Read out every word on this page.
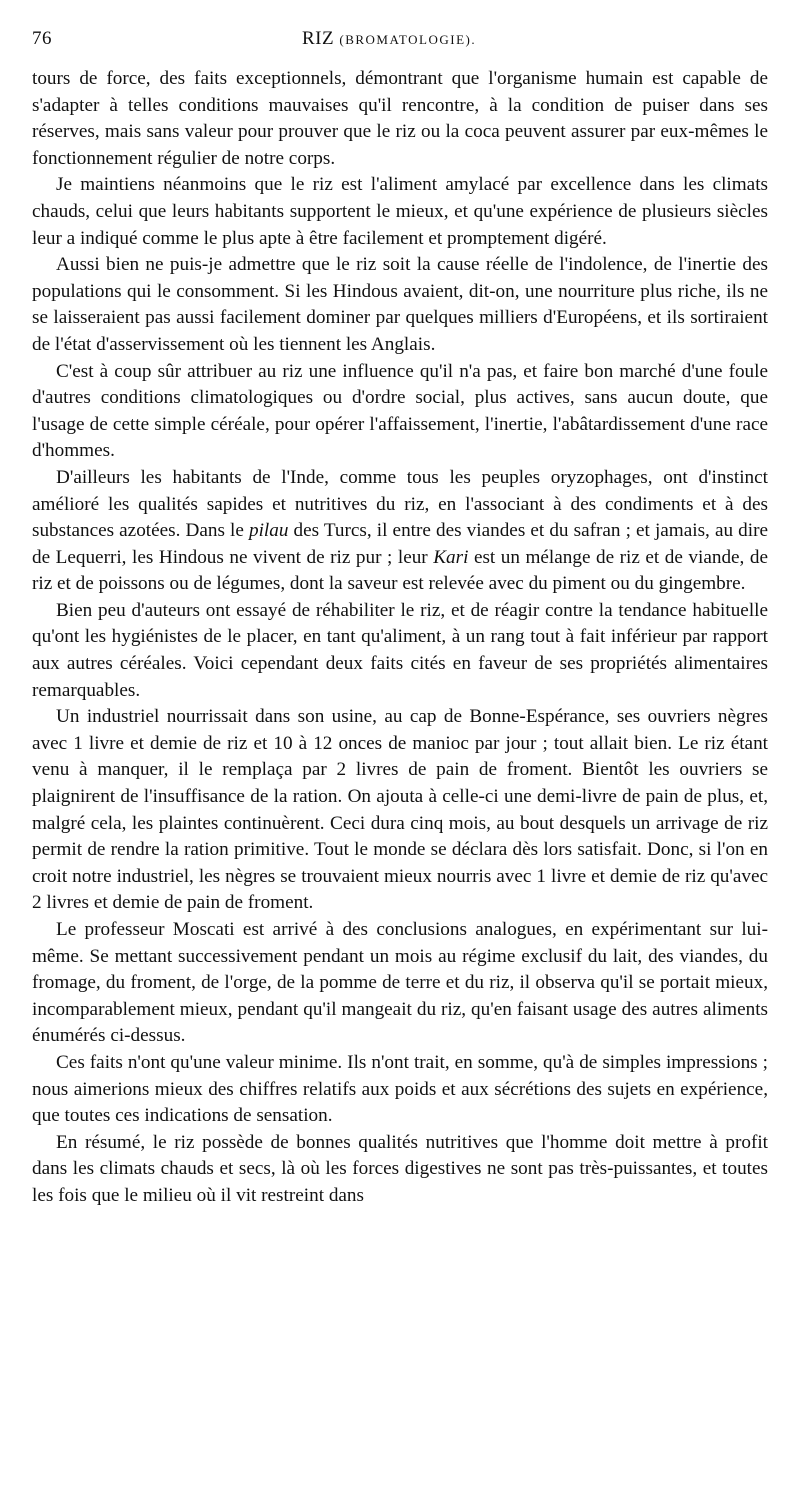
76	RIZ (BROMATOLOGIE).

tours de force, des faits exceptionnels, démontrant que l'organisme humain est capable de s'adapter à telles conditions mauvaises qu'il rencontre, à la condition de puiser dans ses réserves, mais sans valeur pour prouver que le riz ou la coca peuvent assurer par eux-mêmes le fonctionnement régulier de notre corps.

Je maintiens néanmoins que le riz est l'aliment amylacé par excellence dans les climats chauds, celui que leurs habitants supportent le mieux, et qu'une expérience de plusieurs siècles leur a indiqué comme le plus apte à être facilement et promptement digéré.

Aussi bien ne puis-je admettre que le riz soit la cause réelle de l'indolence, de l'inertie des populations qui le consomment. Si les Hindous avaient, dit-on, une nourriture plus riche, ils ne se laisseraient pas aussi facilement dominer par quelques milliers d'Européens, et ils sortiraient de l'état d'asservissement où les tiennent les Anglais.

C'est à coup sûr attribuer au riz une influence qu'il n'a pas, et faire bon marché d'une foule d'autres conditions climatologiques ou d'ordre social, plus actives, sans aucun doute, que l'usage de cette simple céréale, pour opérer l'affaissement, l'inertie, l'abâtardissement d'une race d'hommes.

D'ailleurs les habitants de l'Inde, comme tous les peuples oryzophages, ont d'instinct amélioré les qualités sapides et nutritives du riz, en l'associant à des condiments et à des substances azotées. Dans le pilau des Turcs, il entre des viandes et du safran ; et jamais, au dire de Lequerri, les Hindous ne vivent de riz pur ; leur Kari est un mélange de riz et de viande, de riz et de poissons ou de légumes, dont la saveur est relevée avec du piment ou du gingembre.

Bien peu d'auteurs ont essayé de réhabiliter le riz, et de réagir contre la tendance habituelle qu'ont les hygiénistes de le placer, en tant qu'aliment, à un rang tout à fait inférieur par rapport aux autres céréales. Voici cependant deux faits cités en faveur de ses propriétés alimentaires remarquables.

Un industriel nourrissait dans son usine, au cap de Bonne-Espérance, ses ouvriers nègres avec 1 livre et demie de riz et 10 à 12 onces de manioc par jour ; tout allait bien. Le riz étant venu à manquer, il le remplaça par 2 livres de pain de froment. Bientôt les ouvriers se plaignirent de l'insuffisance de la ration. On ajouta à celle-ci une demi-livre de pain de plus, et, malgré cela, les plaintes continuèrent. Ceci dura cinq mois, au bout desquels un arrivage de riz permit de rendre la ration primitive. Tout le monde se déclara dès lors satisfait. Donc, si l'on en croit notre industriel, les nègres se trouvaient mieux nourris avec 1 livre et demie de riz qu'avec 2 livres et demie de pain de froment.

Le professeur Moscati est arrivé à des conclusions analogues, en expérimentant sur lui-même. Se mettant successivement pendant un mois au régime exclusif du lait, des viandes, du fromage, du froment, de l'orge, de la pomme de terre et du riz, il observa qu'il se portait mieux, incomparablement mieux, pendant qu'il mangeait du riz, qu'en faisant usage des autres aliments énumérés ci-dessus.

Ces faits n'ont qu'une valeur minime. Ils n'ont trait, en somme, qu'à de simples impressions ; nous aimerions mieux des chiffres relatifs aux poids et aux sécrétions des sujets en expérience, que toutes ces indications de sensation.

En résumé, le riz possède de bonnes qualités nutritives que l'homme doit mettre à profit dans les climats chauds et secs, là où les forces digestives ne sont pas très-puissantes, et toutes les fois que le milieu où il vit restreint dans
